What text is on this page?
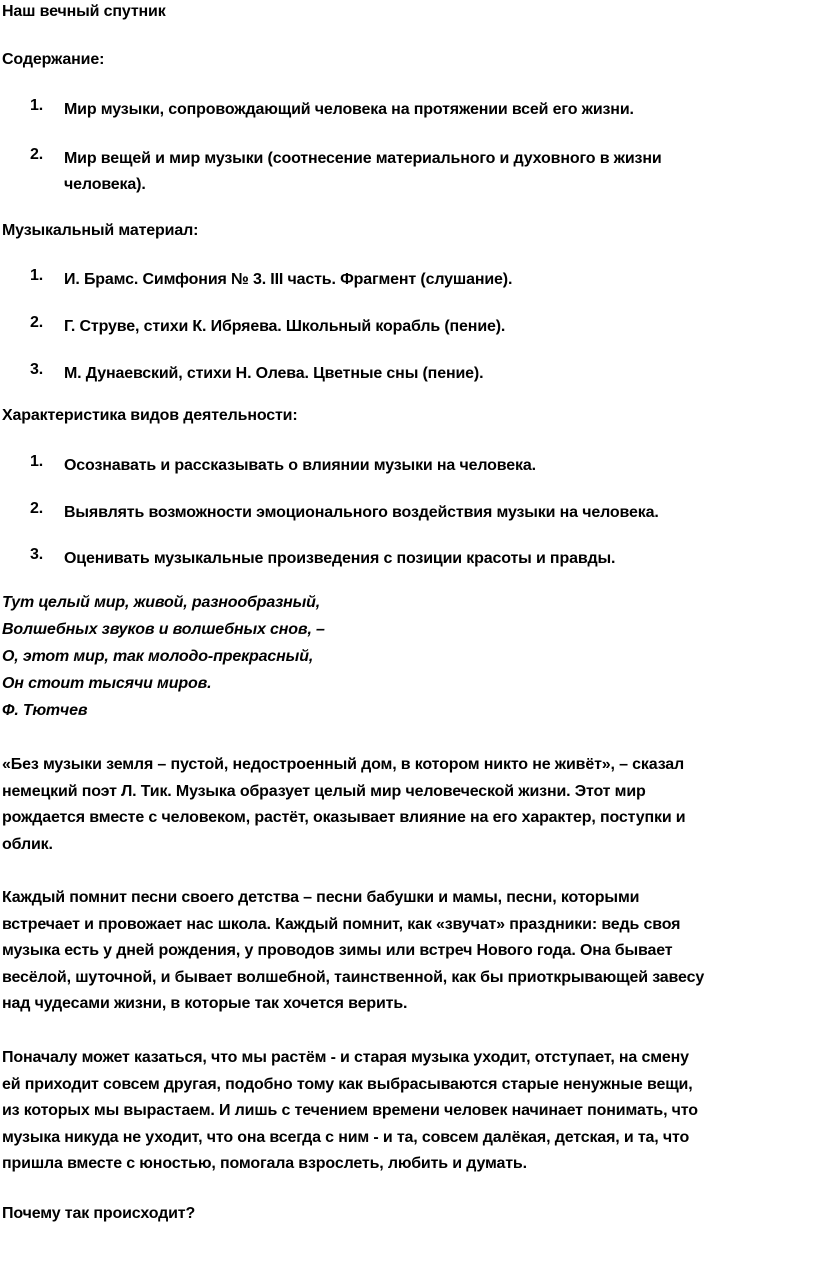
Наш вечный спутник
Содержание:
1. Мир музыки, сопровождающий человека на протяжении всей его жизни.
2. Мир вещей и мир музыки (соотнесение материального и духовного в жизни
человека).
Музыкальный материал:
1. И. Брамс. Симфония № 3. III часть. Фрагмент (слушание).
2. Г. Струве, стихи К. Ибряева. Школьный корабль (пение).
3. М. Дунаевский, стихи Н. Олева. Цветные сны (пение).
Характеристика видов деятельности:
1. Осознавать и рассказывать о влиянии музыки на человека.
2. Выявлять возможности эмоционального воздействия музыки на человека.
3. Оценивать музыкальные произведения с позиции красоты и правды.
Тут целый мир, живой, разнообразный,
Волшебных звуков и волшебных снов, –
О, этот мир, так молодо-прекрасный,
Он стоит тысячи миров.
Ф. Тютчев
«Без музыки земля – пустой, недостроенный дом, в котором никто не живёт», – сказал
немецкий поэт Л. Тик. Музыка образует целый мир человеческой жизни. Этот мир
рождается вместе с человеком, растёт, оказывает влияние на его характер, поступки и
облик.
Каждый помнит песни своего детства – песни бабушки и мамы, песни, которыми
встречает и провожает нас школа. Каждый помнит, как «звучат» праздники: ведь своя
музыка есть у дней рождения, у проводов зимы или встреч Нового года. Она бывает
весёлой, шуточной, и бывает волшебной, таинственной, как бы приоткрывающей завесу
над чудесами жизни, в которые так хочется верить.
Поначалу может казаться, что мы растём - и старая музыка уходит, отступает, на смену
ей приходит совсем другая, подобно тому как выбрасываются старые ненужные вещи,
из которых мы вырастаем. И лишь с течением времени человек начинает понимать, что
музыка никуда не уходит, что она всегда с ним - и та, совсем далёкая, детская, и та, что
пришла вместе с юностью, помогала взрослеть, любить и думать.
Почему так происходит?
